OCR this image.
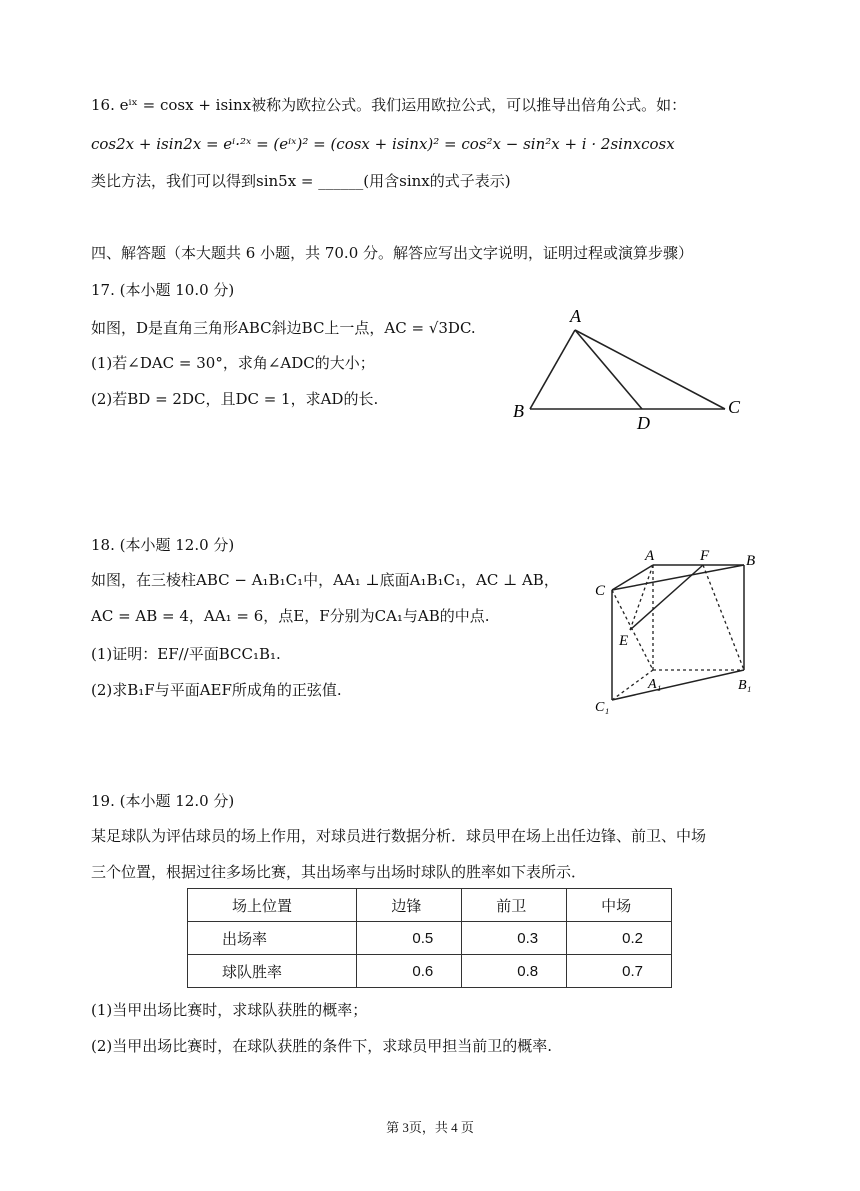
16. eⁱˣ = cosx + isinx被称为欧拉公式。我们运用欧拉公式，可以推导出倍角公式。如：
cos2x + isin2x = eⁱ·²ˣ = (eⁱˣ)² = (cosx + isinx)² = cos²x − sin²x + i · 2sinxcosx
类比方法，我们可以得到sin5x = ______(用含sinx的式子表示)
四、解答题（本大题共 6 小题，共 70.0 分。解答应写出文字说明，证明过程或演算步骤）
17. (本小题 10.0 分)
如图，D是直角三角形ABC斜边BC上一点，AC = √3DC.
(1)若∠DAC = 30°，求角∠ADC的大小；
(2)若BD = 2DC，且DC = 1，求AD的长.
A
B	C
D
18. (本小题 12.0 分)
如图，在三棱柱ABC − A₁B₁C₁中，AA₁ ⊥底面A₁B₁C₁，AC ⊥ AB，
AC = AB = 4，AA₁ = 6，点E，F分别为CA₁与AB的中点.
(1)证明：EF//平面BCC₁B₁.
(2)求B₁F与平面AEF所成角的正弦值.
A	F B
C
E
A₁	B₁
C₁
19. (本小题 12.0 分)
某足球队为评估球员的场上作用，对球员进行数据分析．球员甲在场上出任边锋、前卫、中场
三个位置，根据过往多场比赛，其出场率与出场时球队的胜率如下表所示．
场上位置	边锋	前卫	中场
出场率	0.5	0.3	0.2
球队胜率	0.6	0.8	0.7
(1)当甲出场比赛时，求球队获胜的概率；
(2)当甲出场比赛时，在球队获胜的条件下，求球员甲担当前卫的概率.
第 3页，共 4 页
